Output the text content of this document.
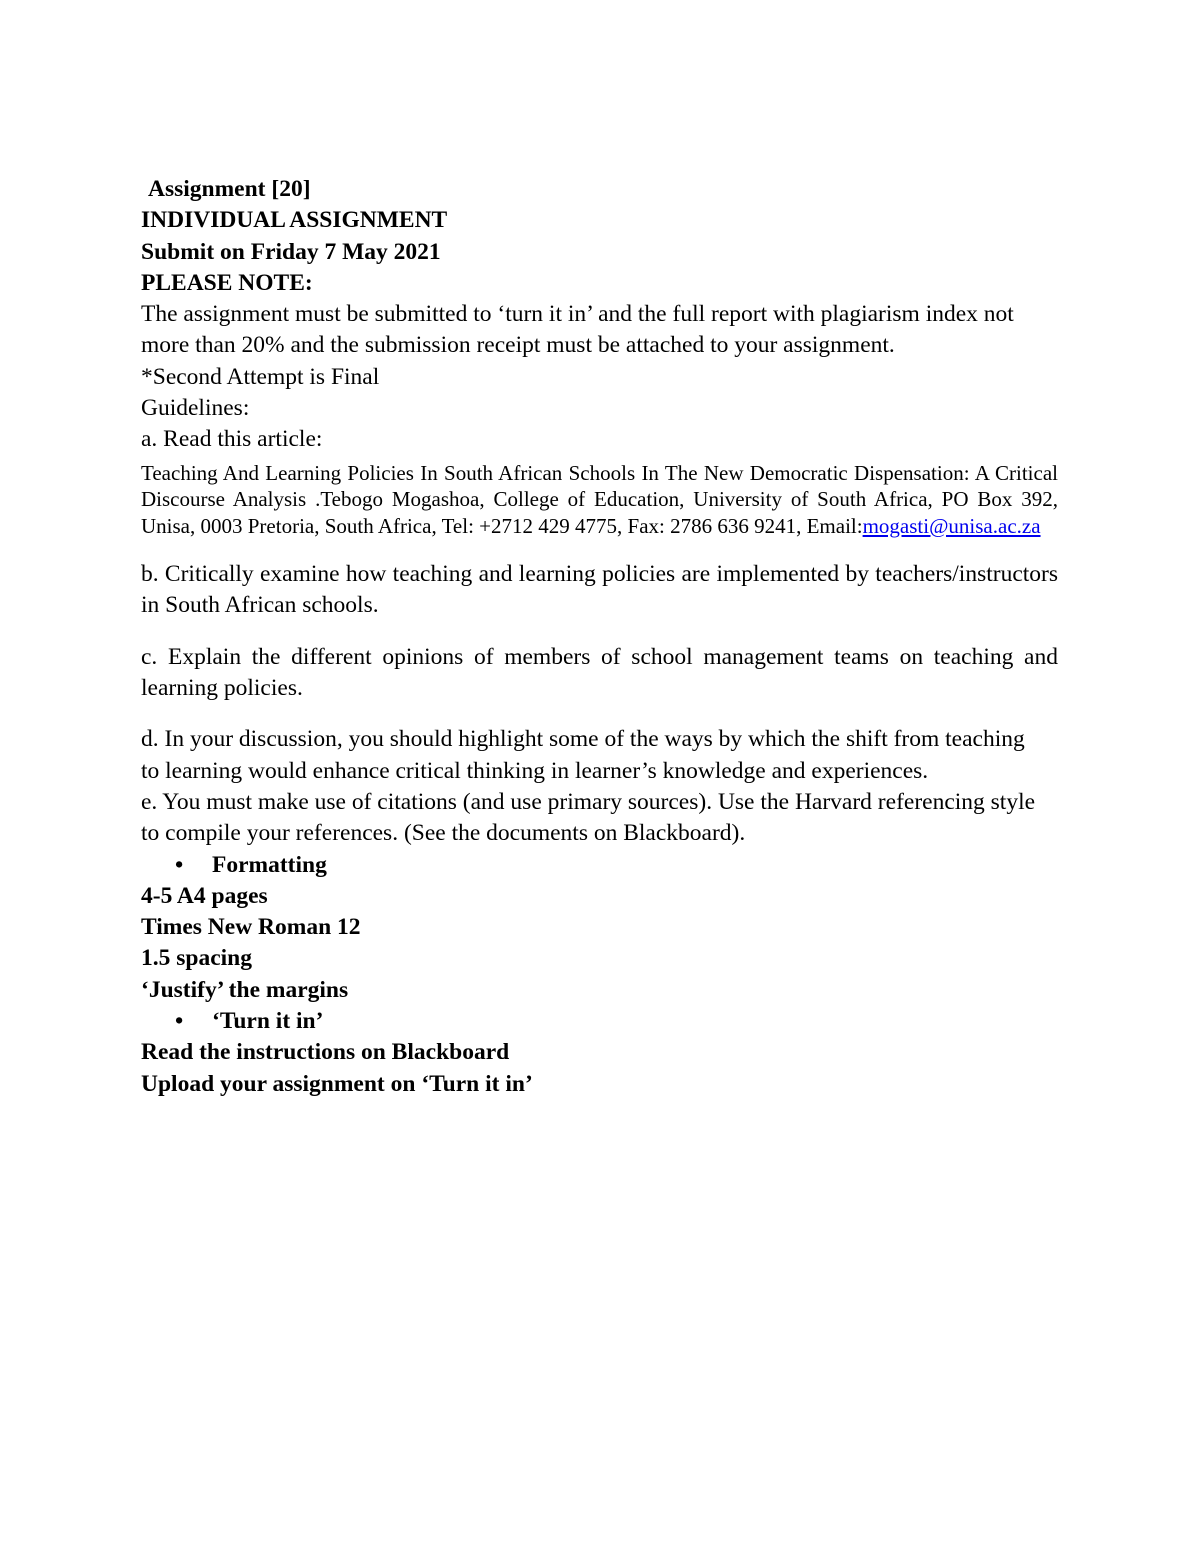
Assignment [20]

INDIVIDUAL ASSIGNMENT

Submit on Friday 7 May 2021

PLEASE NOTE:

The assignment must be submitted to ‘turn it in’ and the full report with plagiarism index not more than 20% and the submission receipt must be attached to your assignment.

*Second Attempt is Final

Guidelines:

a. Read this article:

Teaching And Learning Policies In South African Schools In The New Democratic Dispensation: A Critical Discourse Analysis .Tebogo Mogashoa, College of Education, University of South Africa, PO Box 392, Unisa, 0003 Pretoria, South Africa, Tel: +2712 429 4775, Fax: 2786 636 9241, Email:mogasti@unisa.ac.za

b. Critically examine how teaching and learning policies are implemented by teachers/instructors in South African schools.

c. Explain the different opinions of members of school management teams on teaching and learning policies.

d. In your discussion, you should highlight some of the ways by which the shift from teaching to learning would enhance critical thinking in learner’s knowledge and experiences.

e. You must make use of citations (and use primary sources). Use the Harvard referencing style to compile your references. (See the documents on Blackboard).

• Formatting

4-5 A4 pages

Times New Roman 12

1.5 spacing

‘Justify’ the margins

• ‘Turn it in’

Read the instructions on Blackboard

Upload your assignment on ‘Turn it in’
